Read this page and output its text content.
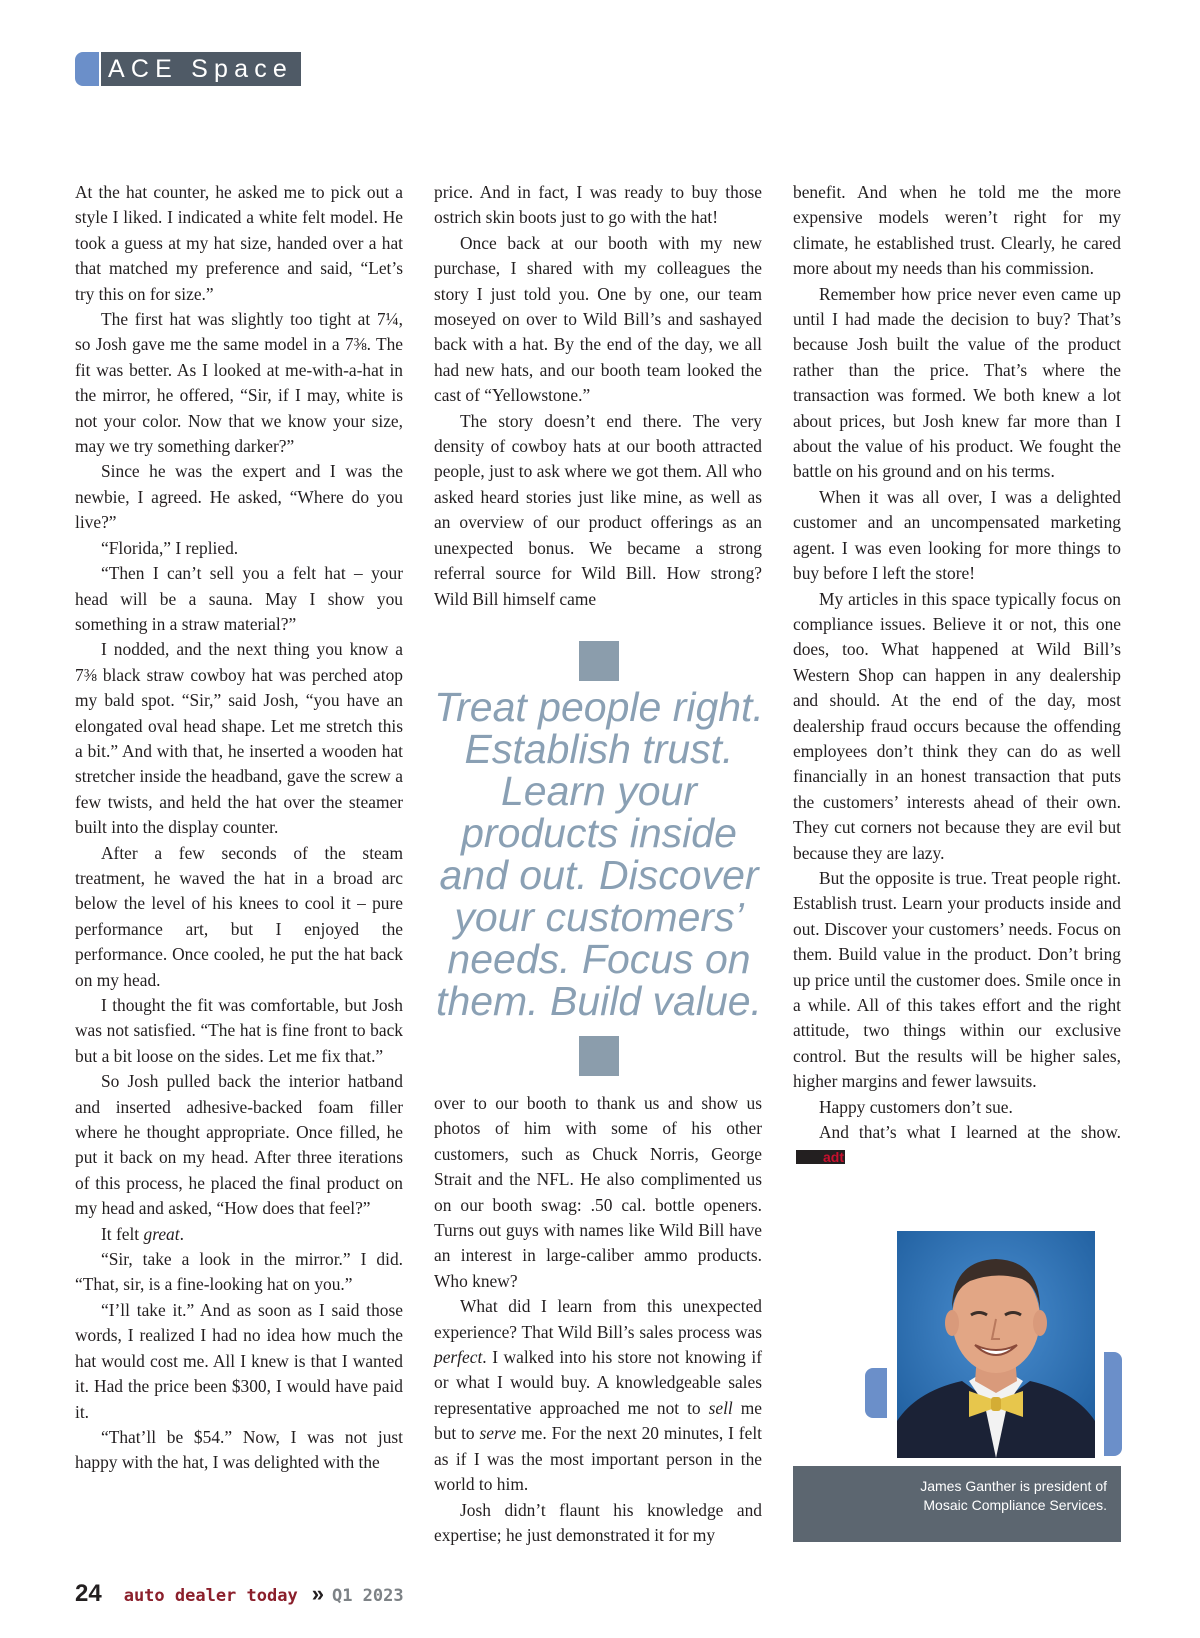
ACE Space

At the hat counter, he asked me to pick out a style I liked. I indicated a white felt model. He took a guess at my hat size, handed over a hat that matched my preference and said, “Let’s try this on for size.”

The first hat was slightly too tight at 7¼, so Josh gave me the same model in a 7⅜. The fit was better. As I looked at me-with-a-hat in the mirror, he offered, “Sir, if I may, white is not your color. Now that we know your size, may we try something darker?”

Since he was the expert and I was the newbie, I agreed. He asked, “Where do you live?”

“Florida,” I replied.

“Then I can’t sell you a felt hat – your head will be a sauna. May I show you something in a straw material?”

I nodded, and the next thing you know a 7⅜ black straw cowboy hat was perched atop my bald spot. “Sir,” said Josh, “you have an elongated oval head shape. Let me stretch this a bit.” And with that, he inserted a wooden hat stretcher inside the headband, gave the screw a few twists, and held the hat over the steamer built into the display counter.

After a few seconds of the steam treatment, he waved the hat in a broad arc below the level of his knees to cool it – pure performance art, but I enjoyed the performance. Once cooled, he put the hat back on my head.

I thought the fit was comfortable, but Josh was not satisfied. “The hat is fine front to back but a bit loose on the sides. Let me fix that.”

So Josh pulled back the interior hatband and inserted adhesive-backed foam filler where he thought appropriate. Once filled, he put it back on my head. After three iterations of this process, he placed the final product on my head and asked, “How does that feel?”

It felt great.

“Sir, take a look in the mirror.” I did. “That, sir, is a fine-looking hat on you.”

“I’ll take it.” And as soon as I said those words, I realized I had no idea how much the hat would cost me. All I knew is that I wanted it. Had the price been $300, I would have paid it.

“That’ll be $54.” Now, I was not just happy with the hat, I was delighted with the

price. And in fact, I was ready to buy those ostrich skin boots just to go with the hat!

Once back at our booth with my new purchase, I shared with my colleagues the story I just told you. One by one, our team moseyed on over to Wild Bill’s and sashayed back with a hat. By the end of the day, we all had new hats, and our booth team looked the cast of “Yellowstone.”

The story doesn’t end there. The very density of cowboy hats at our booth attracted people, just to ask where we got them. All who asked heard stories just like mine, as well as an overview of our product offerings as an unexpected bonus. We became a strong referral source for Wild Bill. How strong? Wild Bill himself came

Treat people right. Establish trust. Learn your products inside and out. Discover your customers’ needs. Focus on them. Build value.

over to our booth to thank us and show us photos of him with some of his other customers, such as Chuck Norris, George Strait and the NFL. He also complimented us on our booth swag: .50 cal. bottle openers. Turns out guys with names like Wild Bill have an interest in large-caliber ammo products. Who knew?

What did I learn from this unexpected experience? That Wild Bill’s sales process was perfect. I walked into his store not knowing if or what I would buy. A knowledgeable sales representative approached me not to sell me but to serve me. For the next 20 minutes, I felt as if I was the most important person in the world to him.

Josh didn’t flaunt his knowledge and expertise; he just demonstrated it for my

benefit. And when he told me the more expensive models weren’t right for my climate, he established trust. Clearly, he cared more about my needs than his commission.

Remember how price never even came up until I had made the decision to buy? That’s because Josh built the value of the product rather than the price. That’s where the transaction was formed. We both knew a lot about prices, but Josh knew far more than I about the value of his product. We fought the battle on his ground and on his terms.

When it was all over, I was a delighted customer and an uncompensated marketing agent. I was even looking for more things to buy before I left the store!

My articles in this space typically focus on compliance issues. Believe it or not, this one does, too. What happened at Wild Bill’s Western Shop can happen in any dealership and should. At the end of the day, most dealership fraud occurs because the offending employees don’t think they can do as well financially in an honest transaction that puts the customers’ interests ahead of their own. They cut corners not because they are evil but because they are lazy.

But the opposite is true. Treat people right. Establish trust. Learn your products inside and out. Discover your customers’ needs. Focus on them. Build value in the product. Don’t bring up price until the customer does. Smile once in a while. All of this takes effort and the right attitude, two things within our exclusive control. But the results will be higher sales, higher margins and fewer lawsuits.

Happy customers don’t sue.

And that’s what I learned at the show.adt

James Ganther is president of
Mosaic Compliance Services.
24 auto dealer today » Q1 2023
